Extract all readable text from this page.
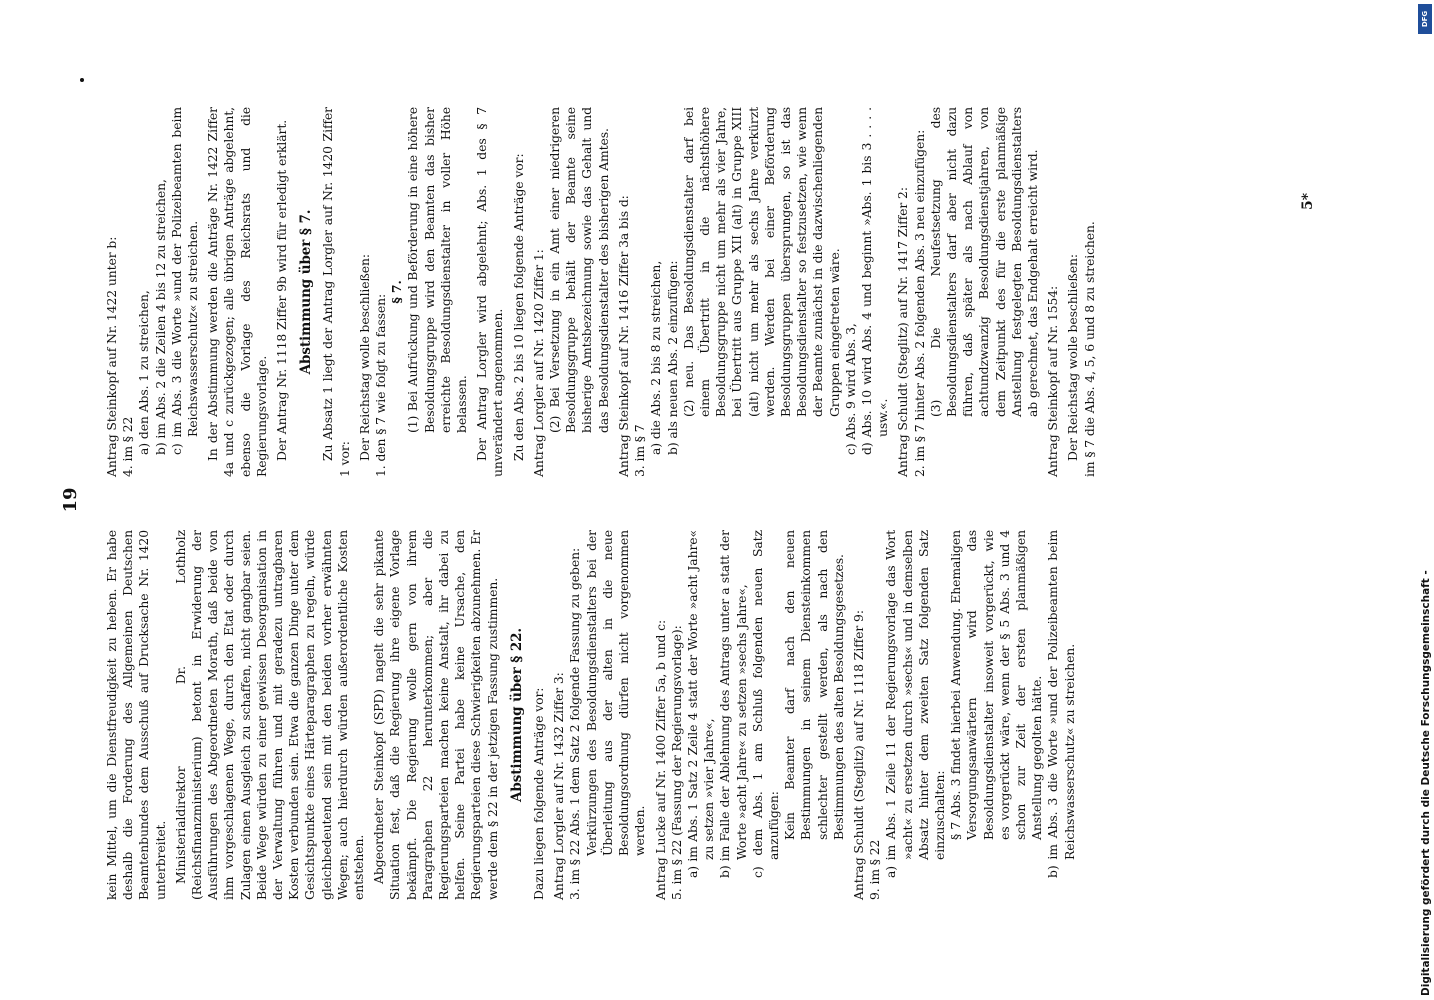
19

kein Mittel, um die Dienstfreudigkeit zu heben. Er habe deshalb die Forderung des Allgemeinen Deutschen Beamtenbundes dem Ausschuß auf Drucksache Nr. 1420 unterbreitet. Ministerialdirektor Dr. Lothholz (Reichsfinanzministerium) betont in Erwiderung der Ausführungen des Abgeordneten Morath, daß beide von ihm vorgeschlagenen Wege, durch den Etat oder durch Zulagen einen Ausgleich zu schaffen, nicht gangbar seien. Beide Wege würden zu einer gewissen Desorganisation in der Verwaltung führen und mit geradezu untragbaren Kosten verbunden sein. Etwa die ganzen Dinge unter dem Gesichtspunkte eines Härteparagraphen zu regeln, würde gleichbedeutend sein mit den beiden vorher erwähnten Wegen; auch hierdurch würden außerordentliche Kosten entstehen. Abgeordneter Steinkopf (SPD) nagelt die sehr pikante Situation fest, daß die Regierung ihre eigene Vorlage bekämpft. Die Regierung wolle gern von ihrem Paragraphen 22 herunterkommen; aber die Regierungsparteien machen keine Anstalt, ihr dabei zu helfen. Seine Partei habe keine Ursache, den Regierungsparteien diese Schwierigkeiten abzunehmen. Er werde dem § 22 in der jetzigen Fassung zustimmen. Abstimmung über § 22. Dazu liegen folgende Anträge vor: Antrag Lorgler auf Nr. 1432 Ziffer 3: 3. im § 22 Abs. 1 dem Satz 2 folgende Fassung zu geben: Verkürzungen des Besoldungsdienstalters bei der Überleitung aus der alten in die neue Besoldungsordnung dürfen nicht vorgenommen werden. Antrag Lucke auf Nr. 1400 Ziffer 5a, b und c: 5. im § 22 (Fassung der Regierungsvorlage): a) im Abs. 1 Satz 2 Zeile 4 statt der Worte »acht Jahre« zu setzen »vier Jahre«, b) im Falle der Ablehnung des Antrags unter a statt der Worte »acht Jahre« zu setzen »sechs Jahre«, c) dem Abs. 1 am Schluß folgenden neuen Satz anzufügen: Kein Beamter darf nach den neuen Bestimmungen in seinem Diensteinkommen schlechter gestellt werden, als nach den Bestimmungen des alten Besoldungsgesetzes. Antrag Schuldt (Steglitz) auf Nr. 1118 Ziffer 9: 9. im § 22 a) im Abs. 1 Zeile 11 der Regierungsvorlage das Wort »acht« zu ersetzen durch »sechs« und in demselben Absatz hinter dem zweiten Satz folgenden Satz einzuschalten: § 7 Abs. 3 findet hierbei Anwendung. Ehemaligen Versorgungsanwärtern wird das Besoldungsdienstalter insoweit vorgerückt, wie es vorgerückt wäre, wenn der § 5 Abs. 3 und 4 schon zur Zeit der ersten planmäßigen Anstellung gegolten hätte. b) im Abs. 3 die Worte »und der Polizeibeamten beim Reichswasserschutz« zu streichen.

Antrag Steinkopf auf Nr. 1422 unter b: 4. im § 22 a) den Abs. 1 zu streichen, b) im Abs. 2 die Zeilen 4 bis 12 zu streichen, c) im Abs. 3 die Worte »und der Polizeibeamten beim Reichswasserschutz« zu streichen. In der Abstimmung werden die Anträge Nr. 1422 Ziffer 4a und c zurückgezogen; alle übrigen Anträge abgelehnt, ebenso die Vorlage des Reichsrats und die Regierungsvorlage. Der Antrag Nr. 1118 Ziffer 9b wird für erledigt erklärt. Abstimmung über § 7. Zu Absatz 1 liegt der Antrag Lorgler auf Nr. 1420 Ziffer 1 vor: Der Reichstag wolle beschließen: 1. den § 7 wie folgt zu fassen:

§ 7. (1) Bei Aufrückung und Beförderung in eine höhere Besoldungsgruppe wird den Beamten das bisher erreichte Besoldungsdienstalter in voller Höhe belassen. Der Antrag Lorgler wird abgelehnt; Abs. 1 des § 7 unverändert angenommen. Zu den Abs. 2 bis 10 liegen folgende Anträge vor: Antrag Lorgler auf Nr. 1420 Ziffer 1: (2) Bei Versetzung in ein Amt einer niedrigeren Besoldungsgruppe behält der Beamte seine bisherige Amtsbezeichnung sowie das Gehalt und das Besoldungsdienstalter des bisherigen Amtes. Antrag Steinkopf auf Nr. 1416 Ziffer 3a bis d: 3. im § 7 a) die Abs. 2 bis 8 zu streichen, b) als neuen Abs. 2 einzufügen: (2) neu. Das Besoldungsdienstalter darf bei einem Übertritt in die nächsthöhere Besoldungsgruppe nicht um mehr als vier Jahre, bei Übertritt aus Gruppe XII (alt) in Gruppe XIII (alt) nicht um mehr als sechs Jahre verkürzt werden. Werden bei einer Beförderung Besoldungsgruppen übersprungen, so ist das Besoldungsdienstalter so festzusetzen, wie wenn der Beamte zunächst in die dazwischenliegenden Gruppen eingetreten wäre. c) Abs. 9 wird Abs. 3, d) Abs. 10 wird Abs. 4 und beginnt »Abs. 1 bis 3 . . . . usw.«. Antrag Schuldt (Steglitz) auf Nr. 1417 Ziffer 2: 2. im § 7 hinter Abs. 2 folgenden Abs. 3 neu einzufügen: (3) Die Neufestsetzung des Besoldungsdienstalters darf aber nicht dazu führen, daß später als nach Ablauf von achtundzwanzig Besoldungsdienstjahren, von dem Zeitpunkt des für die erste planmäßige Anstellung festgelegten Besoldungsdienstalters ab gerechnet, das Endgehalt erreicht wird. Antrag Steinkopf auf Nr. 1554: Der Reichstag wolle beschließen: im § 7 die Abs. 4, 5, 6 und 8 zu streichen.

5*
Digitalisierung gefördert durch die Deutsche Forschungsgemeinschaft -
DFG
